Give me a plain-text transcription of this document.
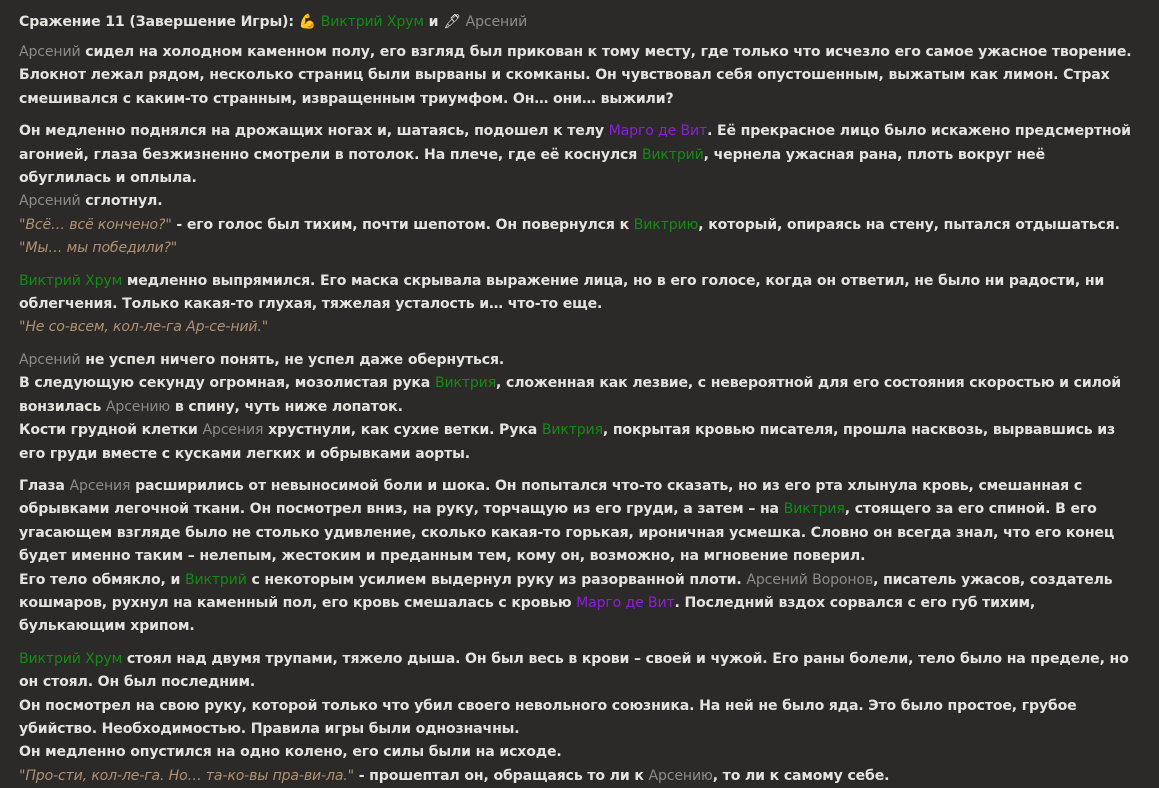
Сражение 11 (Завершение Игры): 💪 Виктрий Хрум и 🖋 Арсений
Арсений сидел на холодном каменном полу, его взгляд был прикован к тому месту, где только что исчезло его самое ужасное творение. Блокнот лежал рядом, несколько страниц были вырваны и скомканы. Он чувствовал себя опустошенным, выжатым как лимон. Страх смешивался с каким-то странным, извращенным триумфом. Он… они… выжили?
Он медленно поднялся на дрожащих ногах и, шатаясь, подошел к телу Марго де Вит. Её прекрасное лицо было искажено предсмертной агонией, глаза безжизненно смотрели в потолок. На плече, где её коснулся Виктрий, чернела ужасная рана, плоть вокруг неё обуглилась и оплыла.
Арсений сглотнул.
"Всё… всё кончено?" - его голос был тихим, почти шепотом. Он повернулся к Виктрию, который, опираясь на стену, пытался отдышаться. "Мы… мы победили?"
Виктрий Хрум медленно выпрямился. Его маска скрывала выражение лица, но в его голосе, когда он ответил, не было ни радости, ни облегчения. Только какая-то глухая, тяжелая усталость и… что-то еще.
"Не со-всем, кол-ле-га Ар-се-ний."
Арсений не успел ничего понять, не успел даже обернуться.
В следующую секунду огромная, мозолистая рука Виктрия, сложенная как лезвие, с невероятной для его состояния скоростью и силой вонзилась Арсению в спину, чуть ниже лопаток.
Кости грудной клетки Арсения хрустнули, как сухие ветки. Рука Виктрия, покрытая кровью писателя, прошла насквозь, вырвавшись из его груди вместе с кусками легких и обрывками аорты.
Глаза Арсения расширились от невыносимой боли и шока. Он попытался что-то сказать, но из его рта хлынула кровь, смешанная с обрывками легочной ткани. Он посмотрел вниз, на руку, торчащую из его груди, а затем – на Виктрия, стоящего за его спиной. В его угасающем взгляде было не столько удивление, сколько какая-то горькая, ироничная усмешка. Словно он всегда знал, что его конец будет именно таким – нелепым, жестоким и преданным тем, кому он, возможно, на мгновение поверил.
Его тело обмякло, и Виктрий с некоторым усилием выдернул руку из разорванной плоти. Арсений Воронов, писатель ужасов, создатель кошмаров, рухнул на каменный пол, его кровь смешалась с кровью Марго де Вит. Последний вздох сорвался с его губ тихим, булькающим хрипом.
Виктрий Хрум стоял над двумя трупами, тяжело дыша. Он был весь в крови – своей и чужой. Его раны болели, тело было на пределе, но он стоял. Он был последним.
Он посмотрел на свою руку, которой только что убил своего невольного союзника. На ней не было яда. Это было простое, грубое убийство. Необходимостью. Правила игры были однозначны.
Он медленно опустился на одно колено, его силы были на исходе.
"Про-сти, кол-ле-га. Но… та-ко-вы пра-ви-ла." - прошептал он, обращаясь то ли к Арсению, то ли к самому себе.
